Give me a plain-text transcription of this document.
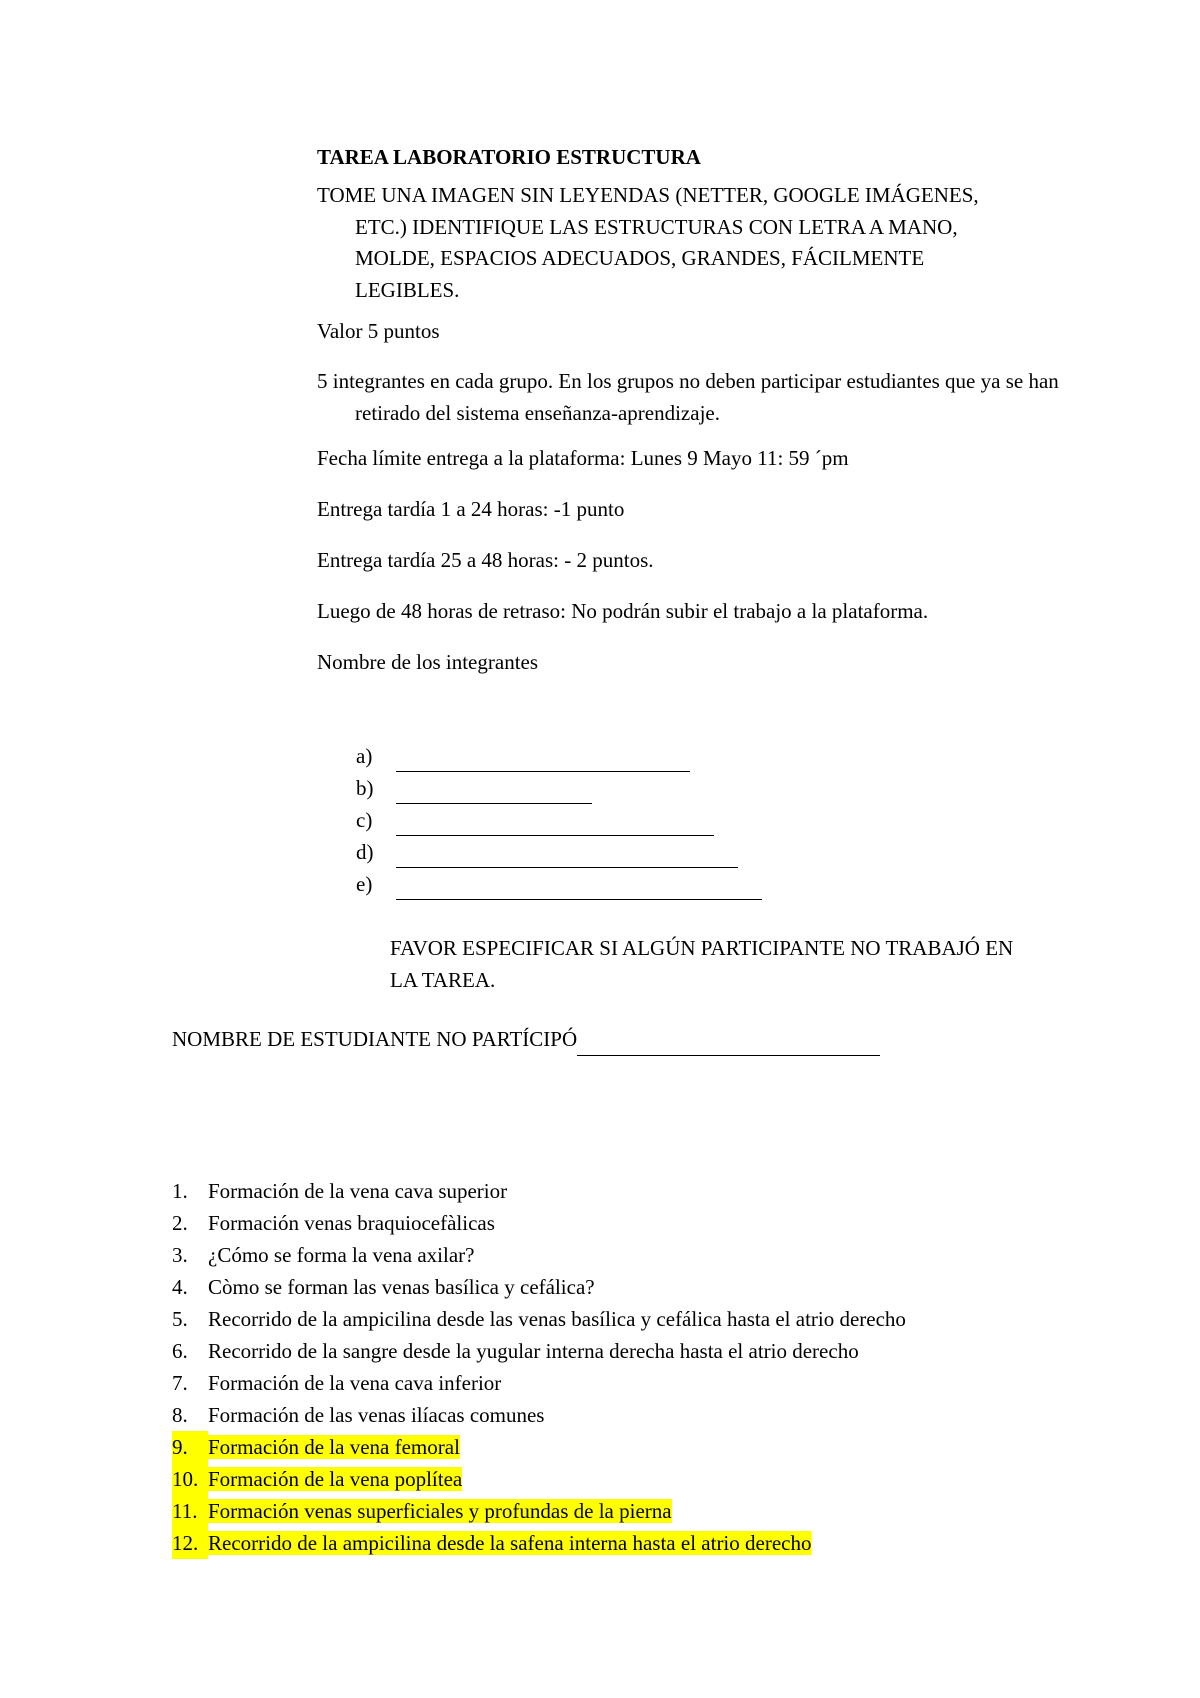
TAREA LABORATORIO ESTRUCTURA
TOME UNA IMAGEN SIN LEYENDAS (NETTER, GOOGLE IMÁGENES, ETC.) IDENTIFIQUE LAS ESTRUCTURAS CON LETRA A MANO, MOLDE, ESPACIOS ADECUADOS, GRANDES, FÁCILMENTE LEGIBLES.
Valor 5 puntos
5 integrantes en cada grupo. En los grupos no deben participar estudiantes que ya se han retirado del sistema enseñanza-aprendizaje.
Fecha límite entrega a la plataforma: Lunes 9 Mayo 11: 59 ´pm
Entrega tardía 1 a 24 horas: -1 punto
Entrega tardía 25 a 48 horas: - 2 puntos.
Luego de 48 horas de retraso: No podrán subir el trabajo a la plataforma.
Nombre de los integrantes
a)
b)
c)
d)
e)
FAVOR ESPECIFICAR SI ALGÚN PARTICIPANTE NO TRABAJÓ EN LA TAREA.
NOMBRE DE ESTUDIANTE NO PARTÍCIPÓ
1. Formación de la vena cava superior
2. Formación venas braquiocefàlicas
3. ¿Cómo se forma la vena axilar?
4. Còmo se forman las venas basílica y cefálica?
5. Recorrido de la ampicilina desde las venas basílica y cefálica hasta el atrio derecho
6. Recorrido de la sangre desde la yugular interna derecha hasta el atrio derecho
7. Formación de la vena cava inferior
8. Formación de las venas ilíacas comunes
9. Formación de la vena femoral
10. Formación de la vena poplítea
11. Formación venas superficiales y profundas de la pierna
12. Recorrido de la ampicilina desde la safena interna hasta el atrio derecho
